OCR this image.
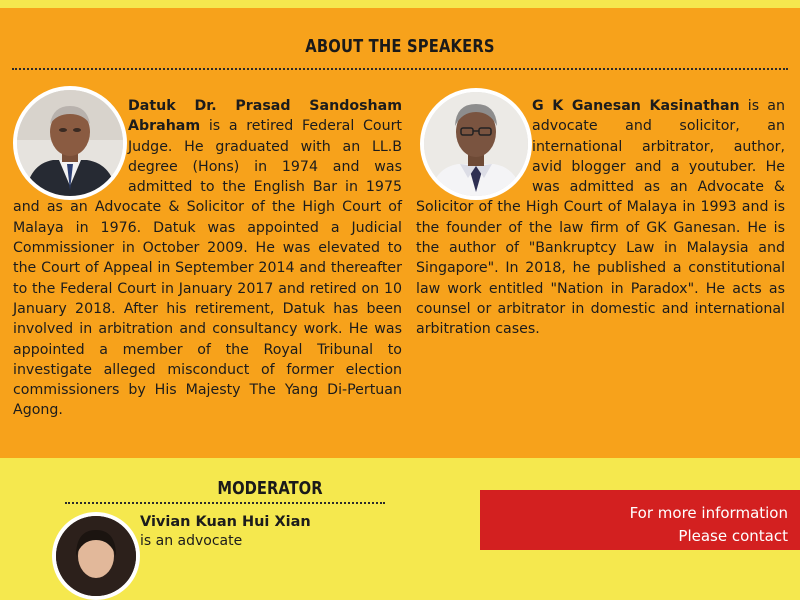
ABOUT THE SPEAKERS
Datuk Dr. Prasad Sandosham Abraham is a retired Federal Court Judge. He graduated with an LL.B degree (Hons) in 1974 and was admitted to the English Bar in 1975 and as an Advocate & Solicitor of the High Court of Malaya in 1976. Datuk was appointed a Judicial Commissioner in October 2009. He was elevated to the Court of Appeal in September 2014 and thereafter to the Federal Court in January 2017 and retired on 10 January 2018. After his retirement, Datuk has been involved in arbitration and consultancy work. He was appointed a member of the Royal Tribunal to investigate alleged misconduct of former election commissioners by His Majesty The Yang Di-Pertuan Agong.
G K Ganesan Kasinathan is an advocate and solicitor, an international arbitrator, author, avid blogger and a youtuber. He was admitted as an Advocate & Solicitor of the High Court of Malaya in 1993 and is the founder of the law firm of GK Ganesan. He is the author of "Bankruptcy Law in Malaysia and Singapore". In 2018, he published a constitutional law work entitled "Nation in Paradox". He acts as counsel or arbitrator in domestic and international arbitration cases.
MODERATOR
Vivian Kuan Hui Xian
is an advocate
For more information
Please contact
